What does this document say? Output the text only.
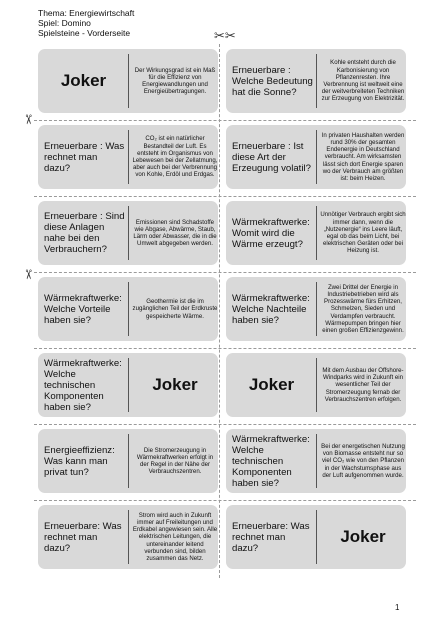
Thema: Energiewirtschaft
Spiel: Domino
Spielsteine - Vorderseite	✂✂
✂
✂
Joker
Der Wirkungsgrad ist ein Maß für die Effizienz von Energiewandlungen und Energieübertragungen.
Erneuerbare : Welche Bedeutung hat die Sonne?
Kohle entsteht durch die Karbonisierung von Pflanzenresten. Ihre Verbrennung ist weltweit eine der weitverbreiteten Techniken zur Erzeugung von Elektrizität.
Erneuerbare : Was rechnet man dazu?
CO₂ ist ein natürlicher Bestandteil der Luft. Es entsteht im Organismus von Lebewesen bei der Zellatmung, aber auch bei der Verbrennung von Kohle, Erdöl und Erdgas.
Erneuerbare : Ist diese Art der Erzeugung volatil?
In privaten Haushalten werden rund 30% der gesamten Endenergie in Deutschland verbraucht. Am wirksamsten lässt sich dort Energie sparen wo der Verbrauch am größten ist: beim Heizen.
Erneuerbare : Sind diese Anlagen nahe bei den Verbrauchern?
Emissionen sind Schadstoffe wie Abgase, Abwärme, Staub, Lärm oder Abwasser, die in die Umwelt abgegeben werden.
Wärmekraftwerke: Womit wird die Wärme erzeugt?
Unnötiger Verbrauch ergibt sich immer dann, wenn die „Nutzenergie“ ins Leere läuft, egal ob das beim Licht, bei elektrischen Geräten oder bei Heizung ist.
Wärmekraftwerke: Welche Vorteile haben sie?
Geothermie ist die im zugänglichen Teil der Erdkruste gespeicherte Wärme.
Wärmekraftwerke: Welche Nachteile haben sie?
Zwei Drittel der Energie in Industriebetrieben wird als Prozesswärme fürs Erhitzen, Schmelzen, Sieden und Verdampfen verbraucht. Wärmepumpen bringen hier einen großen Effizienzgewinn.
Wärmekraftwerke: Welche technischen Komponenten haben sie?
Joker	Joker
Mit dem Ausbau der Offshore-Windparks wird in Zukunft ein wesentlicher Teil der Stromerzeugung fernab der Verbrauchszentren erfolgen.
Energieeffizienz: Was kann man privat tun?
Die Stromerzeugung in Wärmekraftwerken erfolgt in der Regel in der Nähe der Verbrauchszentren.
Wärmekraftwerke: Welche technischen Komponenten haben sie?
Bei der energetischen Nutzung von Biomasse entsteht nur so viel CO₂ wie von den Pflanzen in der Wachstumsphase aus der Luft aufgenommen wurde.
Erneuerbare: Was rechnet man dazu?
Strom wird auch in Zukunft immer auf Freileitungen und Erdkabel angewiesen sein. Alle elektrischen Leitungen, die untereinander leitend verbunden sind, bilden zusammen das Netz.
Erneuerbare: Was rechnet man dazu?
Joker
1
